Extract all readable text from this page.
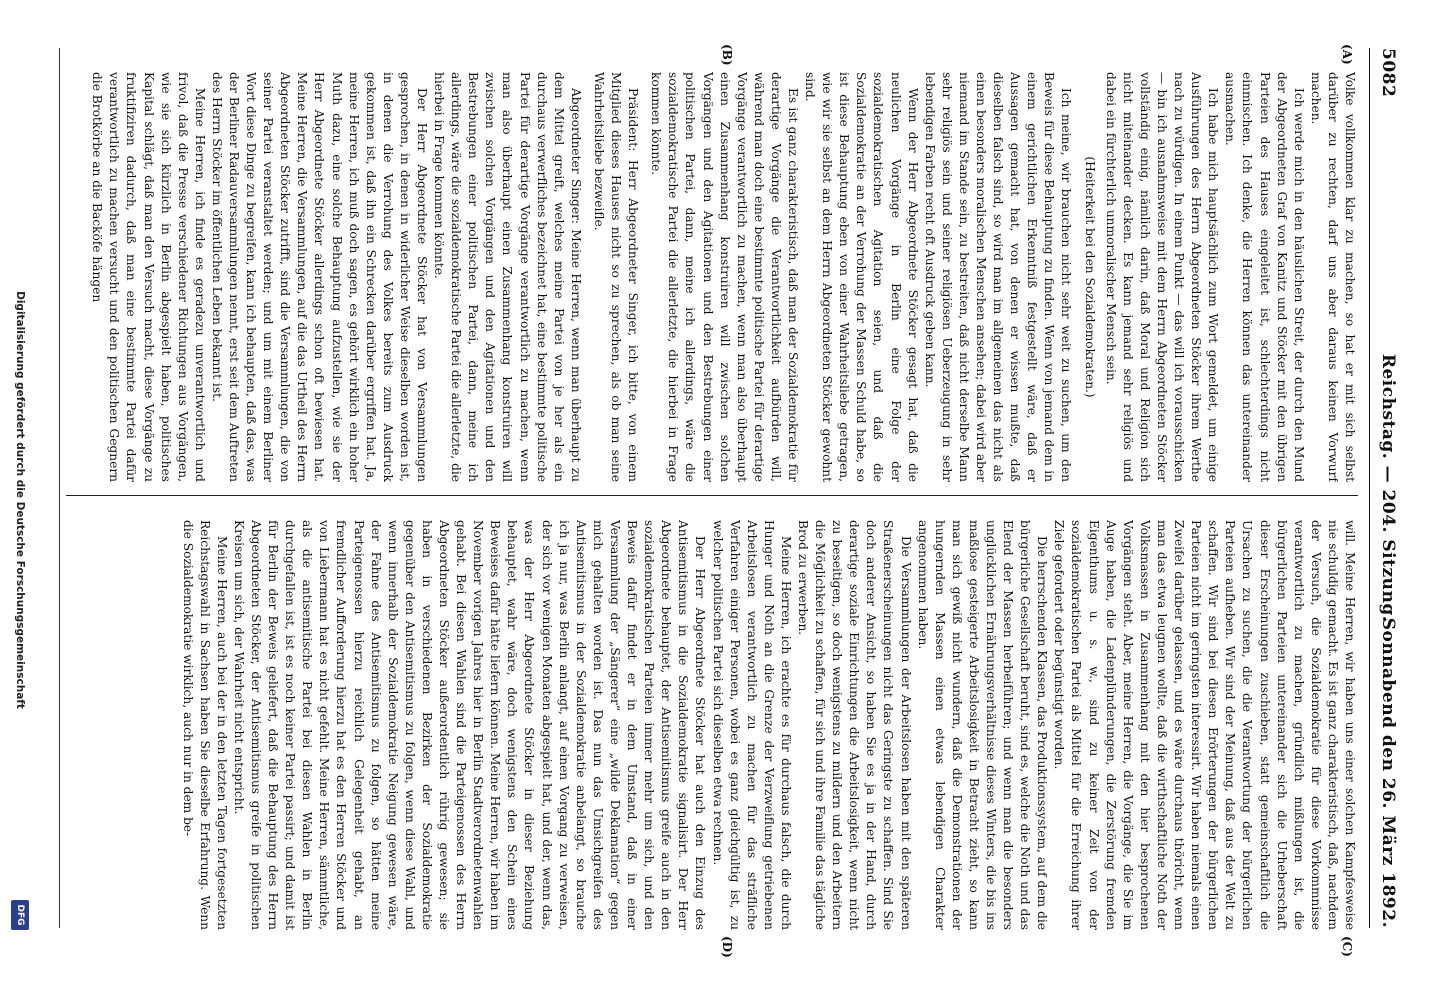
5082
Reichstag. — 204. Sitzung.
Sonnabend den 26. März 1892.
(A)
(B)
(C)
(D)

Volke vollkommen klar zu machen, so hat er mit sich selbst darüber zu rechten, darf uns aber daraus keinen Vorwurf machen.

Ich werde mich in den häuslichen Streit, der durch den Mund der Abgeordneten Graf von Kanitz und Stöcker mit den übrigen Parteien des Hauses eingeleitet ist, schlechterdings nicht einmischen. Ich denke, die Herren können das untereinander ausmachen.

Ich habe mich hauptsächlich zum Wort gemeldet, um einige Ausführungen des Herrn Abgeordneten Stöcker ihrem Werthe nach zu würdigen. In einem Punkt — das will ich vorausschicken — bin ich ausnahmsweise mit dem Herrn Abgeordneten Stöcker vollständig einig, nämlich darin, daß Moral und Religion sich nicht miteinander decken. Es kann jemand sehr religiös und dabei ein fürchterlich unmoralischer Mensch sein.

(Heiterkeit bei den Sozialdemokraten.)

Ich meine, wir brauchen nicht sehr weit zu suchen, um den Beweis für diese Behauptung zu finden. Wenn von jemand dem in einem gerichtlichen Erkenntniß festgestellt wäre, daß er Aussagen gemacht hat, von denen er wissen mußte, daß dieselben falsch sind, so wird man im allgemeinen das nicht als einen besonders moralischen Menschen ansehen; dabei wird aber niemand im Stande sein, zu bestreiten, daß nicht derselbe Mann sehr religiös sein und seiner religiösen Ueberzeugung in sehr lebendigen Farben recht oft Ausdruck geben kann.

Wenn der Herr Abgeordnete Stöcker gesagt hat, daß die neulichen Vorgänge in Berlin eine Folge der sozialdemokratischen Agitation seien, und daß die Sozialdemokratie an der Verrohung der Massen Schuld habe, so ist diese Behauptung eben von einer Wahrheitsliebe getragen, wie wir sie selbst an dem Herrn Abgeordneten Stöcker gewohnt sind.

Es ist ganz charakteristisch, daß man der Sozialdemokratie für derartige Vorgänge die Verantwortlichkeit aufbürden will, während man doch eine bestimmte politische Partei für derartige Vorgänge verantwortlich zu machen, wenn man also überhaupt einen Zusammenhang konstruiren will zwischen solchen Vorgängen und den Agitationen und den Bestrebungen einer politischen Partei, dann, meine ich allerdings, wäre die sozialdemokratische Partei die allerletzte, die hierbei in Frage kommen könnte.

Präsident: Herr Abgeordneter Singer, ich bitte, von einem Mitglied dieses Hauses nicht so zu sprechen, als ob man seine Wahrheitsliebe bezweifle.

Abgeordneter Singer: Meine Herren, wenn man überhaupt zu dem Mittel greift, welches meine Partei von je her als ein durchaus verwerfliches bezeichnet hat, eine bestimmte politische Partei für derartige Vorgänge verantwortlich zu machen, wenn man also überhaupt einen Zusammenhang konstruiren will zwischen solchen Vorgängen und den Agitationen und den Bestrebungen einer politischen Partei, dann, meine ich allerdings, wäre die sozialdemokratische Partei die allerletzte, die hierbei in Frage kommen könnte.

Der Herr Abgeordnete Stöcker hat von Versammlungen gesprochen, in denen in widerlicher Weise dieselben worden ist, in denen die Verrohung des Volkes bereits zum Ausdruck gekommen ist, daß ihn ein Schrecken darüber ergriffen hat. Ja, meine Herren, ich muß doch sagen, es gehört wirklich ein hoher Muth dazu, eine solche Behauptung aufzustellen, wie sie der Herr Abgeordnete Stöcker allerdings schon oft bewiesen hat. Meine Herren, die Versammlungen, auf die das Urtheil des Herrn Abgeordneten Stöcker zutrifft, sind die Versammlungen, die von seiner Partei veranstaltet werden; und um mit einem Berliner Wort diese Dinge zu begreifen, kann ich behaupten, daß das, was der Berliner Radauversammlungen nennt, erst seit dem Auftreten des Herrn Stöcker im öffentlichen Leben bekannt ist.

Meine Herren, ich finde es geradezu unverantwortlich und frivol, daß die Presse verschiedener Richtungen aus Vorgängen, wie sie sich kürzlich in Berlin abgespielt haben, politisches Kapital schlägt, daß man den Versuch macht, diese Vorgänge zu fruktifiziren dadurch, daß man eine bestimmte Partei dafür verantwortlich zu machen versucht und den politischen Gegnern die Brotkörbe an die Backöfe hängen

will. Meine Herren, wir haben uns einer solchen Kampfesweise nie schuldig gemacht. Es ist ganz charakteristisch, daß, nachdem der Versuch, die Sozialdemokratie für diese Vorkommnisse verantwortlich zu machen, gründlich mißlungen ist, die bürgerlichen Parteien untereinander sich die Urheberschaft dieser Erscheinungen zuschieben, statt gemeinschaftlich die Ursachen zu suchen, die die Verantwortung der bürgerlichen Parteien aufheben. Wir sind der Meinung, daß aus der Welt zu schaffen. Wir sind bei diesen Erörterungen der bürgerlichen Parteien nicht im geringsten interessirt. Wir haben niemals einen Zweifel darüber gelassen, und es wäre durchaus thöricht, wenn man das etwa leugnen wollte, daß die wirthschaftliche Noth der Volksmassen in Zusammenhang mit den hier besprochenen Vorgängen steht. Aber, meine Herren, die Vorgänge, die Sie im Auge haben, die Ladenplünderungen, die Zerstörung fremden Eigenthums u. s. w., sind zu keiner Zeit von der sozialdemokratischen Partei als Mittel für die Erreichung ihrer Ziele gefordert oder begünstigt worden.

Die herrschenden Klassen, das Produktionssystem, auf dem die bürgerliche Gesellschaft beruht, sind es, welche die Noth und das Elend der Massen herbeiführen; und wenn man die besonders unglücklichen Ernährungsverhältnisse dieses Winters, die bis ins maßlose gesteigerte Arbeitslosigkeit in Betracht zieht, so kann man sich gewiß nicht wundern, daß die Demonstrationen der hungernden Massen einen etwas lebendigen Charakter angenommen haben.

Die Versammlungen der Arbeitslosen haben mit den späteren Straßenerscheinungen nicht das Geringste zu schaffen. Sind Sie doch anderer Ansicht, so haben Sie es ja in der Hand, durch derartige soziale Einrichtungen die Arbeitslosigkeit, wenn nicht zu beseitigen, so doch wenigstens zu mildern und den Arbeitern die Möglichkeit zu schaffen, für sich und ihre Familie das tägliche Brod zu erwerben.

Meine Herren, ich erachte es für durchaus falsch, die durch Hunger und Noth an die Grenze der Verzweiflung getriebenen Arbeitslosen verantwortlich zu machen für das sträfliche Verfahren einiger Personen, wobei es ganz gleichgültig ist, zu welcher politischen Partei sich dieselben etwa rechnen.

Der Herr Abgeordnete Stöcker hat auch den Einzug des Antisemitismus in die Sozialdemokratie signalisirt. Der Herr Abgeordnete behauptet, der Antisemitismus greife auch in den sozialdemokratischen Parteien immer mehr um sich, und den Beweis dafür findet er in dem Umstand, daß in einer Versammlung der „Sängerer“ eine „wilde Deklamation“ gegen mich gehalten worden ist. Das nun das Umsichgreifen des Antisemitismus in der Sozialdemokratie anbelangt, so brauche ich ja nur, was Berlin anlangt, auf einen Vorgang zu verweisen, der sich vor wenigen Monaten abgespielt hat, und der, wenn das, was der Herr Abgeordnete Stöcker in dieser Beziehung behauptet, wahr wäre, doch wenigstens den Schein eines Beweises dafür hätte liefern können. Meine Herren, wir haben im November vorigen Jahres hier in Berlin Stadtverordnetenwahlen gehabt. Bei diesen Wahlen sind die Parteigenossen des Herrn Abgeordneten Stöcker außerordentlich rührig gewesen; sie haben in verschiedenen Bezirken der Sozialdemokratie gegenüber den Antisemitismus zu folgen, wenn diese Wahl, und wenn innerhalb der Sozialdemokratie Neigung gewesen wäre, der Fahne des Antisemitismus zu folgen, so hätten meine Parteigenossen hierzu reichlich Gelegenheit gehabt, an fremdlicher Aufforderung hierzu hat es den Herren Stöcker und von Liebermann hat es nicht gefehlt. Meine Herren, sämmtliche, als die antisemitische Partei bei diesen Wahlen in Berlin durchgefallen ist, ist es noch keiner Partei passirt; und damit ist für Berlin der Beweis geliefert, daß die Behauptung des Herrn Abgeordneten Stöcker, der Antisemitismus greife in politischen Kreisen um sich, der Wahrheit nicht entspricht.

Meine Herren, auch bei der in den letzten Tagen fortgesetzten Reichstagswahl in Sachsen haben Sie dieselbe Erfahrung. Wenn die Sozialdemokratie wirklich, auch nur in dem be-

Digitalisierung gefördert durch die Deutsche Forschungsgemeinschaft
DFG
